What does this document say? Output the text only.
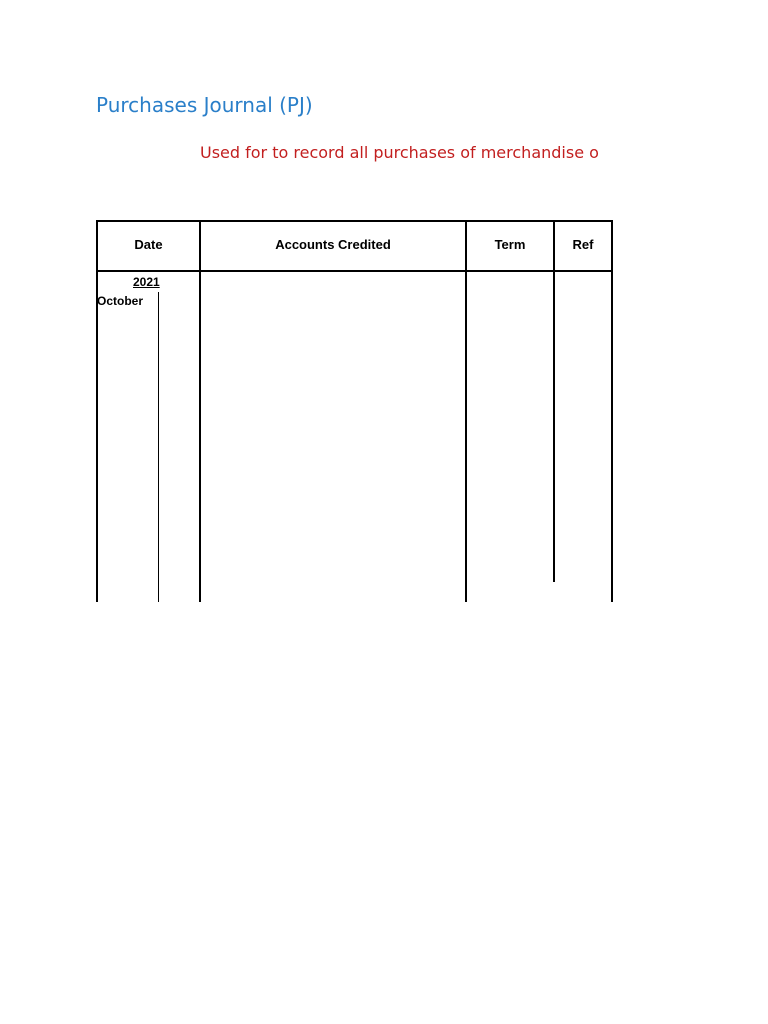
Purchases Journal (PJ)
Used for to record all purchases of merchandise o
Date	Accounts Credited	Term	Ref
2021
October
